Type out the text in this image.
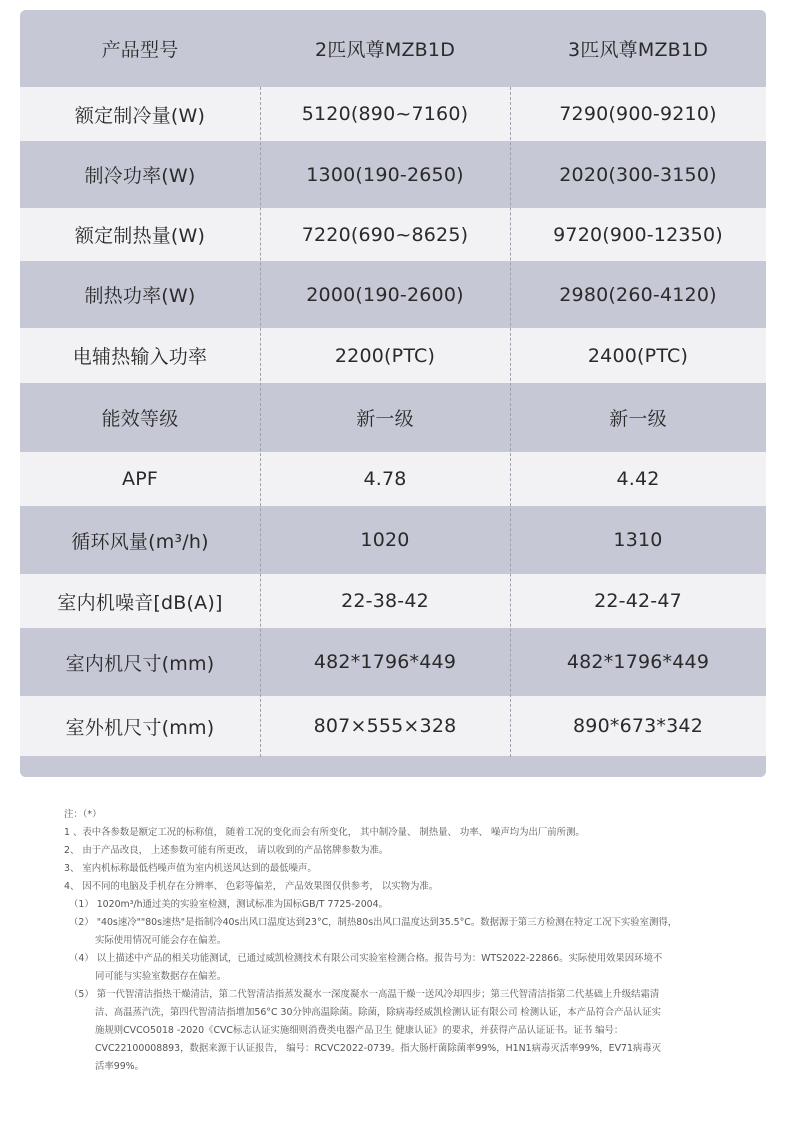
产品型号	2匹风尊MZB1D	3匹风尊MZB1D
额定制冷量(W)	5120(890~7160)	7290(900-9210)
制冷功率(W)	1300(190-2650)	2020(300-3150)
额定制热量(W)	7220(690~8625)	9720(900-12350)
制热功率(W)	2000(190-2600)	2980(260-4120)
电辅热输入功率	2200(PTC)	2400(PTC)
能效等级	新一级	新一级
APF	4.78	4.42
循环风量(m³/h)	1020	1310
室内机噪音[dB(A)]	22-38-42	22-42-47
室内机尺寸(mm)	482*1796*449	482*1796*449
室外机尺寸(mm)	807×555×328	890*673*342

注：（*）

1 、表中各参数是额定工况的标称值， 随着工况的变化而会有所变化， 其中制冷量、 制热量、 功率、 噪声均为出厂前所测。

2、 由于产品改良， 上述参数可能有所更改， 请以收到的产品铭牌参数为准。

3、 室内机标称最低档噪声值为室内机送风达到的最低噪声。

4、 因不同的电脑及手机存在分辨率、 色彩等偏差， 产品效果图仅供参考， 以实物为准。

（1） 1020m³/h通过美的实验室检测，测试标准为国标GB/T 7725-2004。

（2） "40s速冷""80s速热"是指制冷40s出风口温度达到23°C，制热80s出风口温度达到35.5°C。数据源于第三方检测在特定工况下实验室测得，

实际使用情况可能会存在偏差。

（4） 以上描述中产品的相关功能测试，已通过威凯检测技术有限公司实验室检测合格。报告号为：WTS2022-22866。实际使用效果因环境不

同可能与实验室数据存在偏差。

（5） 第一代智清洁指热干燥清洁，第二代智清洁指蒸发凝水一深度凝水一高温干燥一送风冷却四步；第三代智清洁指第二代基础上升级结霜清

洁、高温蒸汽洗，第四代智清洁指增加56°C 30分钟高温除菌。除菌，除病毒经威凯检测认证有限公司 检测认证，本产品符合产品认证实

施规则CVCO5018 -2020《CVC标志认证实施细则消费类电器产品卫生 健康认证》的要求，并获得产品认证证书。证书 编号：

CVC22100008893，数据来源于认证报告， 编号：RCVC2022-0739。指大肠杆菌除菌率99%，H1N1病毒灭活率99%，EV71病毒灭

活率99%。
